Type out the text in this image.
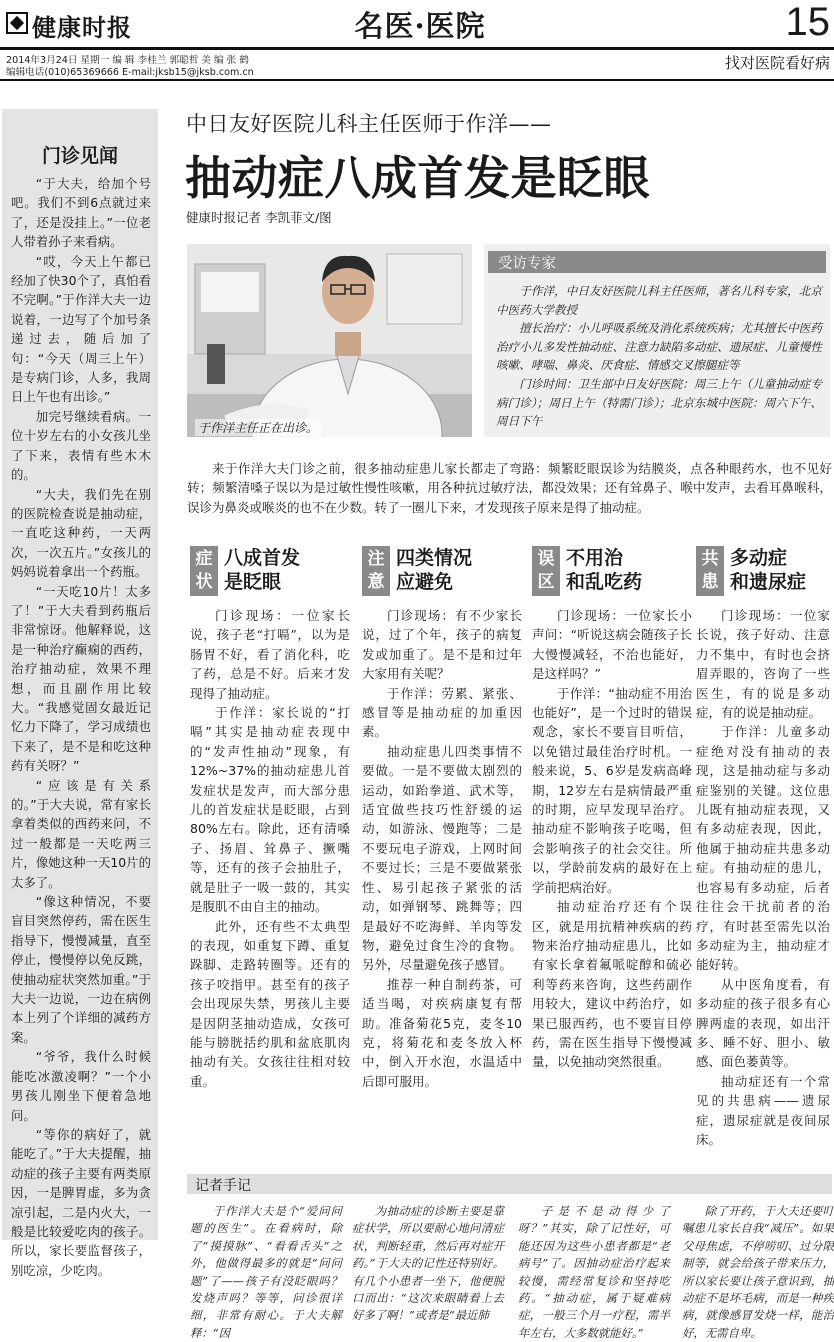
健康时报	名医·医院	15
2014年3月24日 星期一 编 辑 李桂兰 郭聪哲 美 编 张 鹤
编辑电话(010)65369666 E-mail:jksb15@jksb.com.cn
找对医院看好病
门诊见闻

“于大夫，给加个号吧。我们不到6点就过来了，还是没挂上。”一位老人带着孙子来看病。

“哎，今天上午都已经加了快30个了，真怕看不完啊。”于作洋大夫一边说着，一边写了个加号条递过去，随后加了句：“今天（周三上午）是专病门诊，人多，我周日上午也有出诊。”

加完号继续看病。一位十岁左右的小女孩儿坐了下来，表情有些木木的。

“大夫，我们先在别的医院检查说是抽动症，一直吃这种药，一天两次，一次五片。”女孩儿的妈妈说着拿出一个药瓶。

“一天吃10片！太多了！”于大夫看到药瓶后非常惊讶。他解释说，这是一种治疗癫痫的西药，治疗抽动症，效果不理想，而且副作用比较大。“我感觉固女最近记忆力下降了，学习成绩也下来了，是不是和吃这种药有关呀？”

“应该是有关系的。”于大夫说，常有家长拿着类似的西药来问，不过一般都是一天吃两三片，像她这种一天10片的太多了。

“像这种情况，不要盲目突然停药，需在医生指导下，慢慢减量，直至停止，慢慢停以免反跳，使抽动症状突然加重。”于大夫一边说，一边在病例本上列了个详细的减药方案。

“爷爷，我什么时候能吃冰激凌啊？”一个小男孩儿刚坐下便着急地问。

“等你的病好了，就能吃了。”于大夫提醒，抽动症的孩子主要有两类原因，一是脾胃虚，多为贪凉引起，二是内火大，一般是比较爱吃肉的孩子。所以，家长要监督孩子，别吃凉，少吃肉。

中日友好医院儿科主任医师于作洋——
抽动症八成首发是眨眼
健康时报记者 李凯菲文/图
于作洋主任正在出诊。
受访专家

于作洋，中日友好医院儿科主任医师，著名儿科专家，北京中医药大学教授

擅长治疗：小儿呼吸系统及消化系统疾病；尤其擅长中医药治疗小儿多发性抽动症、注意力缺陷多动症、遗尿症、儿童慢性咳嗽、哮喘、鼻炎、厌食症、情感交叉擦腿症等

门诊时间：卫生部中日友好医院：周三上午（儿童抽动症专病门诊）；周日上午（特需门诊）；北京东城中医院：周六下午、周日下午

来于作洋大夫门诊之前，很多抽动症患儿家长都走了弯路：频繁眨眼误诊为结膜炎，点各种眼药水，也不见好转；频繁清嗓子误以为是过敏性慢性咳嗽，用各种抗过敏疗法，都没效果；还有耸鼻子、喉中发声，去看耳鼻喉科，误诊为鼻炎或喉炎的也不在少数。转了一圈儿下来，才发现孩子原来是得了抽动症。

症状
八成首发
是眨眼

门诊现场：一位家长说，孩子老“打嗝”，以为是肠胃不好，看了消化科，吃了药，总是不好。后来才发现得了抽动症。

于作洋：家长说的“打嗝”其实是抽动症表现中的“发声性抽动”现象，有12%~37%的抽动症患儿首发症状是发声，而大部分患儿的首发症状是眨眼，占到80%左右。除此，还有清嗓子、扬眉、耸鼻子、撅嘴等，还有的孩子会抽肚子，就是肚子一吸一鼓的，其实是腹肌不由自主的抽动。

此外，还有些不太典型的表现，如重复下蹲、重复跺脚、走路转圈等。还有的孩子咬指甲。甚至有的孩子会出现尿失禁，男孩儿主要是因阴茎抽动造成，女孩可能与膀胱括约肌和盆底肌肉抽动有关。女孩往往相对较重。

注意
四类情况
应避免

门诊现场：有不少家长说，过了个年，孩子的病复发或加重了。是不是和过年大家用有关呢？

于作洋：劳累、紧张、感冒等是抽动症的加重因素。

抽动症患儿四类事情不要做。一是不要做太剧烈的运动，如跆拳道、武术等，适宜做些技巧性舒缓的运动，如游泳、慢跑等；二是不要玩电子游戏，上网时间不要过长；三是不要做紧张性、易引起孩子紧张的活动，如弹钢琴、跳舞等；四是最好不吃海鲜、羊肉等发物，避免过食生冷的食物。另外，尽量避免孩子感冒。

推荐一种自制药茶，可适当喝，对疾病康复有帮助。准备菊花5克，麦冬10克，将菊花和麦冬放入杯中，倒入开水泡，水温适中后即可服用。

误区
不用治
和乱吃药

门诊现场：一位家长小声问：“听说这病会随孩子长大慢慢减轻，不治也能好，是这样吗？”

于作洋：“抽动症不用治也能好”，是一个过时的错误观念，家长不要盲目听信，以免错过最佳治疗时机。一般来说，5、6岁是发病高峰期，12岁左右是病情最严重的时期，应早发现早治疗。抽动症不影响孩子吃喝，但会影响孩子的社会交往。所以，学龄前发病的最好在上学前把病治好。

抽动症治疗还有个误区，就是用抗精神疾病的药物来治疗抽动症患儿，比如有家长拿着氟哌啶醇和硫必利等药来咨询，这些药副作用较大，建议中药治疗，如果已服西药，也不要盲目停药，需在医生指导下慢慢减量，以免抽动突然很重。

共患
多动症
和遗尿症

门诊现场：一位家长说，孩子好动、注意力不集中，有时也会挤眉弄眼的，咨询了一些医生，有的说是多动症，有的说是抽动症。

于作洋：儿童多动症绝对没有抽动的表现，这是抽动症与多动症鉴别的关键。这位患儿既有抽动症表现，又有多动症表现，因此，他属于抽动症共患多动症。有抽动症的患儿，也容易有多动症，后者往往会干扰前者的治疗，有时甚至需先以治多动症为主，抽动症才能好转。

从中医角度看，有多动症的孩子很多有心脾两虚的表现，如出汗多、睡不好、胆小、敏感、面色萎黄等。

抽动症还有一个常见的共患病——遗尿症，遗尿症就是夜间尿床。

记者手记

于作洋大夫是个“爱问问题的医生”。在看病时，除了“摸摸脉”、“看看舌头”之外，他做得最多的就是“问问题”了——孩子有没眨眼吗？发烧声吗？等等，问诊很详细，非常有耐心。于大夫解释：“因

为抽动症的诊断主要是靠症状学，所以要耐心地问清症状，判断轻重，然后再对症开药。”于大夫的记性还特别好。有几个小患者一坐下，他便脱口而出：“这次来眼睛看上去好多了啊！”或者是“最近肺

子是不是动得少了呀？”其实，除了记性好，可能还因为这些小患者都是“老病号”了。因抽动症治疗起来较慢，需经常复诊和坚持吃药。“抽动症，属于疑难病症，一般三个月一疗程，需半年左右，大多数就能好。”

除了开药，于大夫还要叮嘱患儿家长自我“减压”。如果父母焦虑，不停唠叨、过分限制等，就会给孩子带来压力，所以家长要让孩子意识到，抽动症不是坏毛病，而是一种疾病，就像感冒发烧一样，能治好，无需自卑。
